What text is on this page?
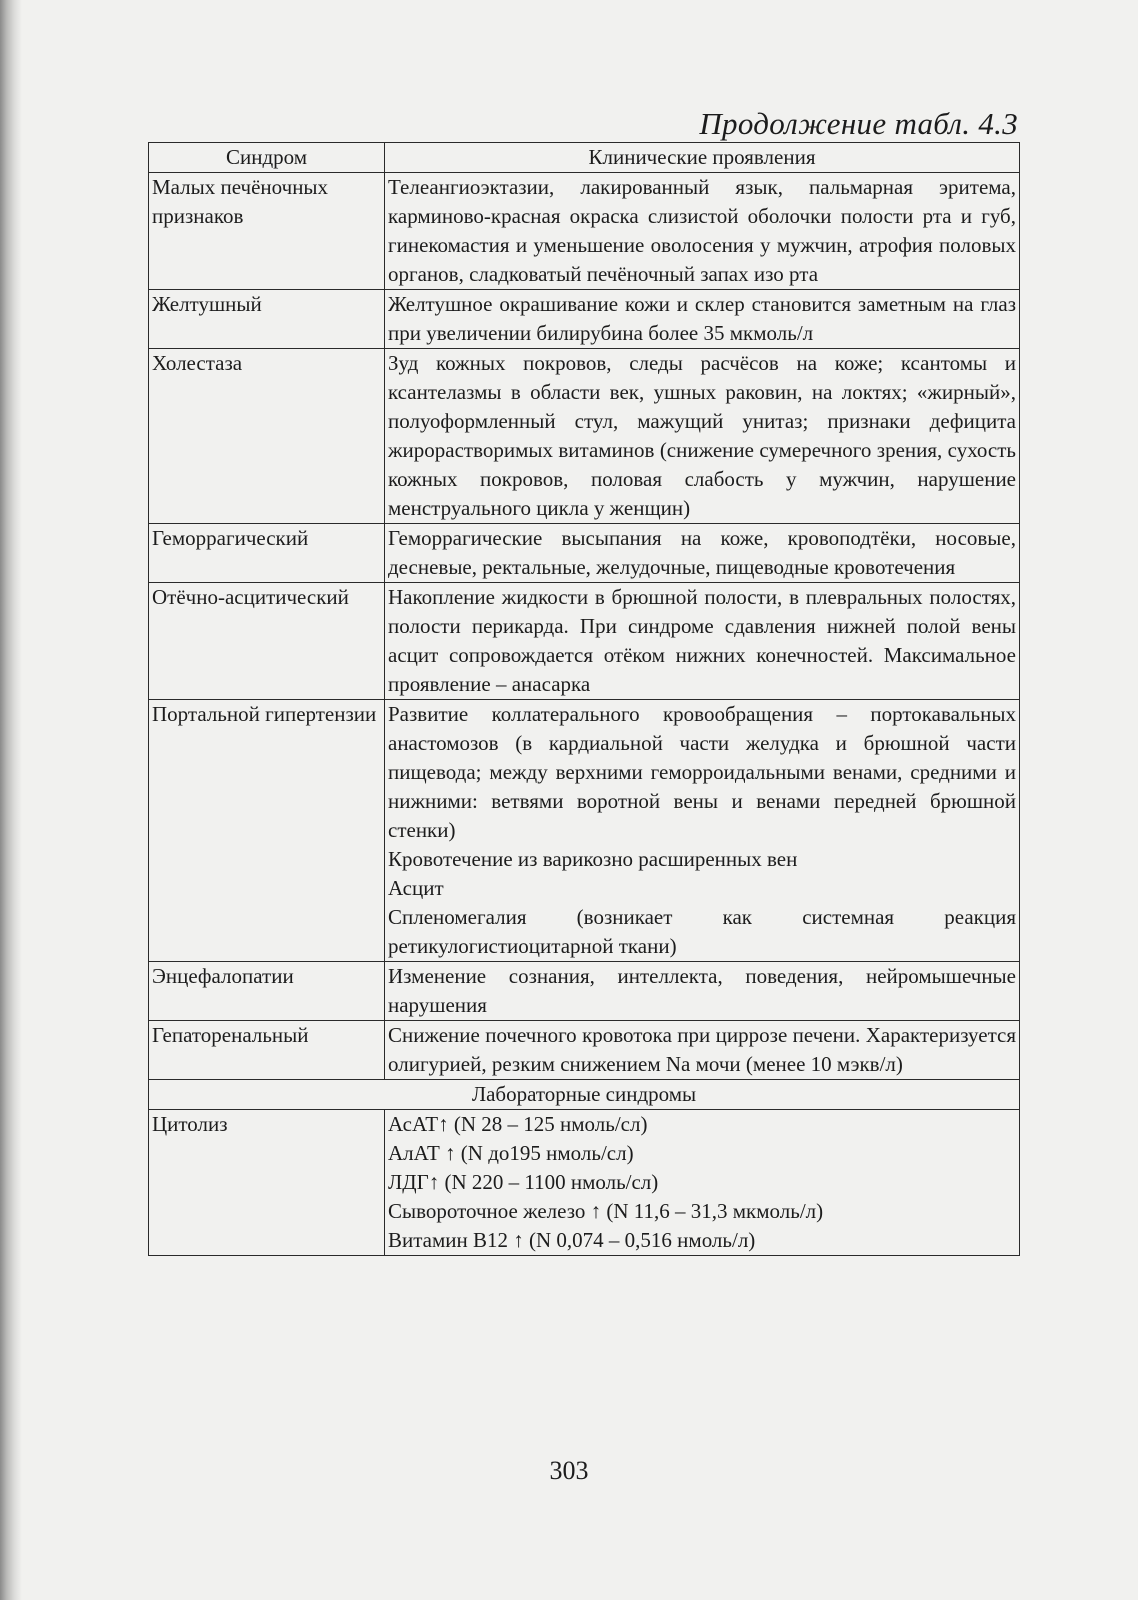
Продолжение табл. 4.3
Синдром	Клинические проявления
Малых печёночных признаков	Телеангиоэктазии, лакированный язык, пальмарная эритема, карминово-красная окраска слизистой оболочки полости рта и губ, гинекомастия и уменьшение оволосения у мужчин, атрофия половых органов, сладковатый печёночный запах изо рта

Желтушный	Желтушное окрашивание кожи и склер становится заметным на глаз при увеличении билирубина более 35 мкмоль/л

Холестаза	Зуд кожных покровов, следы расчёсов на коже; ксантомы и ксантелазмы в области век, ушных раковин, на локтях; «жирный», полуоформленный стул, мажущий унитаз; признаки дефицита жирорастворимых витаминов (снижение сумеречного зрения, сухость кожных покровов, половая слабость у мужчин, нарушение менструального цикла у женщин)

Геморрагический	Геморрагические высыпания на коже, кровоподтёки, носовые, десневые, ректальные, желудочные, пищеводные кровотечения

Отёчно-асцитический	Накопление жидкости в брюшной полости, в плевральных полостях, полости перикарда. При синдроме сдавления нижней полой вены асцит сопровождается отёком нижних конечностей. Максимальное проявление – анасарка

Портальной гипертензии	Развитие коллатерального кровообращения – портокавальных анастомозов (в кардиальной части желудка и брюшной части пищевода; между верхними геморроидальными венами, средними и нижними: ветвями воротной вены и венами передней брюшной стенки)

Кровотечение из варикозно расширенных вен

Асцит

Спленомегалия (возникает как системная реакция ретикулогистиоцитарной ткани)

Энцефалопатии	Изменение сознания, интеллекта, поведения, нейромышечные нарушения

Гепаторенальный	Снижение почечного кровотока при циррозе печени. Характеризуется олигурией, резким снижением Na мочи (менее 10 мэкв/л)

Лабораторные синдромы	
Цитолиз	АсАТ↑ (N 28 – 125 нмоль/сл)
АлАТ ↑ (N до195 нмоль/сл)
ЛДГ↑ (N 220 – 1100 нмоль/сл)
Сывороточное железо ↑ (N 11,6 – 31,3 мкмоль/л)
Витамин В12 ↑ (N 0,074 – 0,516 нмоль/л)
303
